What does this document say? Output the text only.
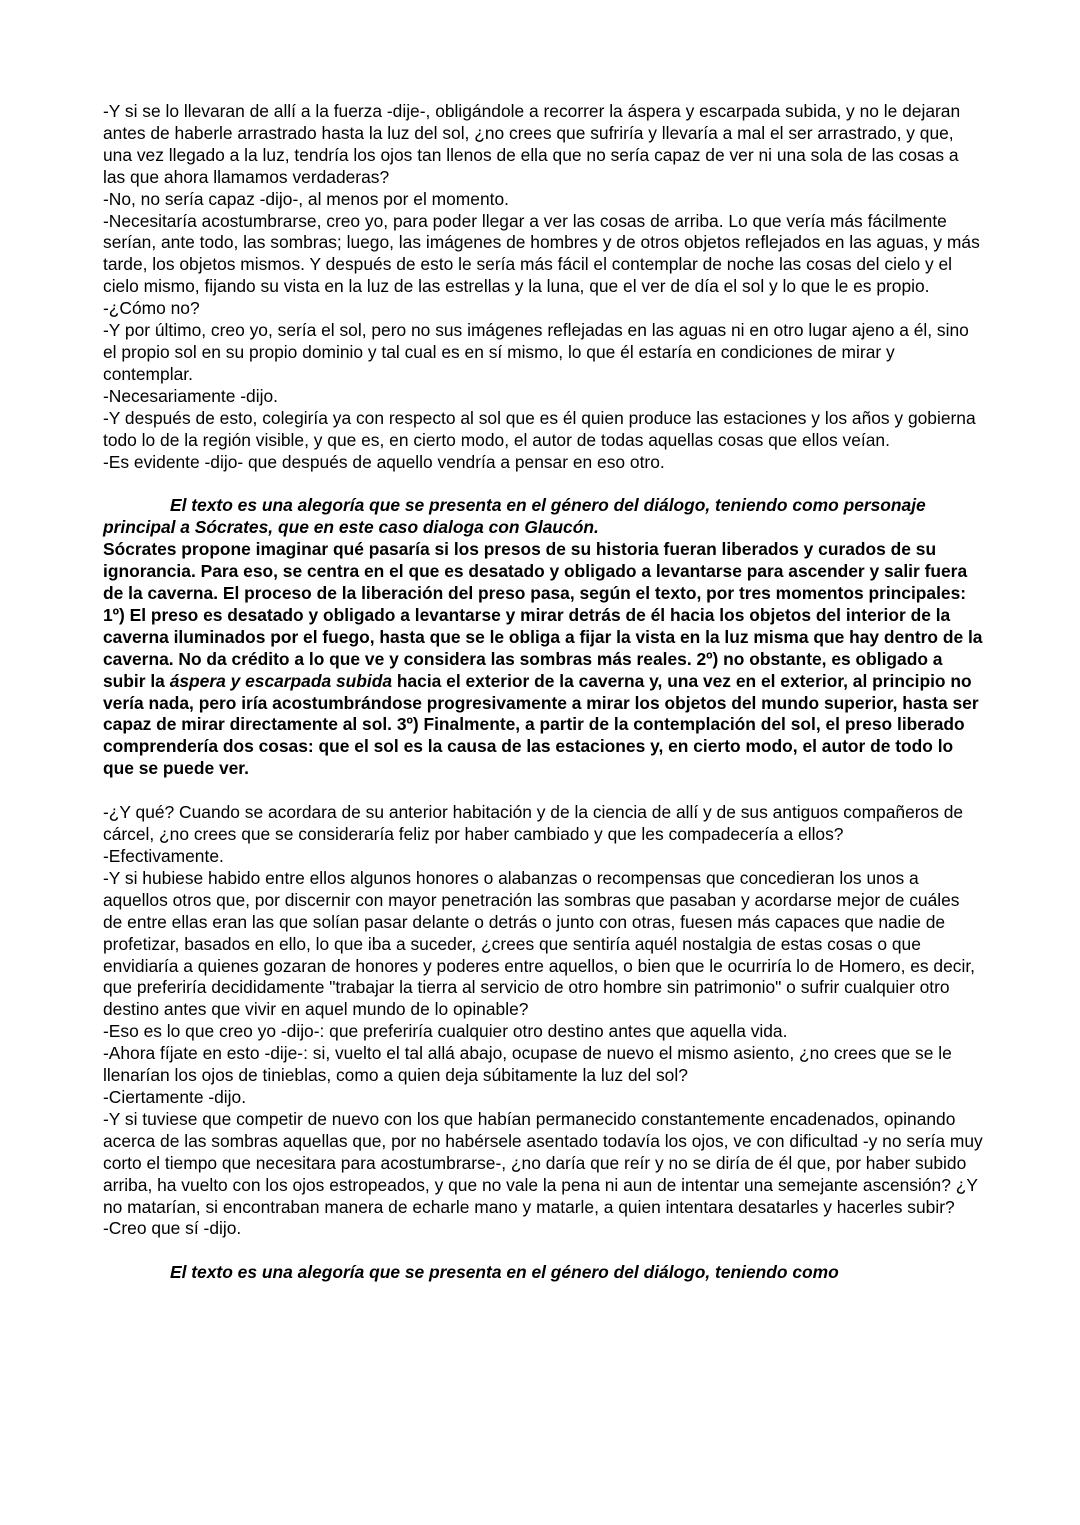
-Y si se lo llevaran de allí a la fuerza -dije-, obligándole a recorrer la áspera y escarpada subida, y no le dejaran antes de haberle arrastrado hasta la luz del sol, ¿no crees que sufriría y llevaría a mal el ser arrastrado, y que, una vez llegado a la luz, tendría los ojos tan llenos de ella que no sería capaz de ver ni una sola de las cosas a las que ahora llamamos verdaderas?

-No, no sería capaz -dijo-, al menos por el momento.

-Necesitaría acostumbrarse, creo yo, para poder llegar a ver las cosas de arriba. Lo que vería más fácilmente serían, ante todo, las sombras; luego, las imágenes de hombres y de otros objetos reflejados en las aguas, y más tarde, los objetos mismos. Y después de esto le sería más fácil el contemplar de noche las cosas del cielo y el cielo mismo, fijando su vista en la luz de las estrellas y la luna, que el ver de día el sol y lo que le es propio.

-¿Cómo no?

-Y por último, creo yo, sería el sol, pero no sus imágenes reflejadas en las aguas ni en otro lugar ajeno a él, sino el propio sol en su propio dominio y tal cual es en sí mismo, lo que él estaría en condiciones de mirar y contemplar.

-Necesariamente -dijo.

-Y después de esto, colegiría ya con respecto al sol que es él quien produce las estaciones y los años y gobierna todo lo de la región visible, y que es, en cierto modo, el autor de todas aquellas cosas que ellos veían.

-Es evidente -dijo- que después de aquello vendría a pensar en eso otro.

El texto es una alegoría que se presenta en el género del diálogo, teniendo como personaje principal a Sócrates, que en este caso dialoga con Glaucón.

Sócrates propone imaginar qué pasaría si los presos de su historia fueran liberados y curados de su ignorancia. Para eso, se centra en el que es desatado y obligado a levantarse para ascender y salir fuera de la caverna. El proceso de la liberación del preso pasa, según el texto, por tres momentos principales: 1º) El preso es desatado y obligado a levantarse y mirar detrás de él hacia los objetos del interior de la caverna iluminados por el fuego, hasta que se le obliga a fijar la vista en la luz misma que hay dentro de la caverna. No da crédito a lo que ve y considera las sombras más reales. 2º) no obstante, es obligado a subir la áspera y escarpada subida hacia el exterior de la caverna y, una vez en el exterior, al principio no vería nada, pero iría acostumbrándose progresivamente a mirar los objetos del mundo superior, hasta ser capaz de mirar directamente al sol. 3º) Finalmente, a partir de la contemplación del sol, el preso liberado comprendería dos cosas: que el sol es la causa de las estaciones y, en cierto modo, el autor de todo lo que se puede ver.

-¿Y qué? Cuando se acordara de su anterior habitación y de la ciencia de allí y de sus antiguos compañeros de cárcel, ¿no crees que se consideraría feliz por haber cambiado y que les compadecería a ellos?

-Efectivamente.

-Y si hubiese habido entre ellos algunos honores o alabanzas o recompensas que concedieran los unos a aquellos otros que, por discernir con mayor penetración las sombras que pasaban y acordarse mejor de cuáles de entre ellas eran las que solían pasar delante o detrás o junto con otras, fuesen más capaces que nadie de profetizar, basados en ello, lo que iba a suceder, ¿crees que sentiría aquél nostalgia de estas cosas o que envidiaría a quienes gozaran de honores y poderes entre aquellos, o bien que le ocurriría lo de Homero, es decir, que preferiría decididamente "trabajar la tierra al servicio de otro hombre sin patrimonio" o sufrir cualquier otro destino antes que vivir en aquel mundo de lo opinable?

-Eso es lo que creo yo -dijo-: que preferiría cualquier otro destino antes que aquella vida.

-Ahora fíjate en esto -dije-: si, vuelto el tal allá abajo, ocupase de nuevo el mismo asiento, ¿no crees que se le llenarían los ojos de tinieblas, como a quien deja súbitamente la luz del sol?

-Ciertamente -dijo.

-Y si tuviese que competir de nuevo con los que habían permanecido constantemente encadenados, opinando acerca de las sombras aquellas que, por no habérsele asentado todavía los ojos, ve con dificultad -y no sería muy corto el tiempo que necesitara para acostumbrarse-, ¿no daría que reír y no se diría de él que, por haber subido arriba, ha vuelto con los ojos estropeados, y que no vale la pena ni aun de intentar una semejante ascensión? ¿Y no matarían, si encontraban manera de echarle mano y matarle, a quien intentara desatarles y hacerles subir?

-Creo que sí -dijo.

El texto es una alegoría que se presenta en el género del diálogo, teniendo como
